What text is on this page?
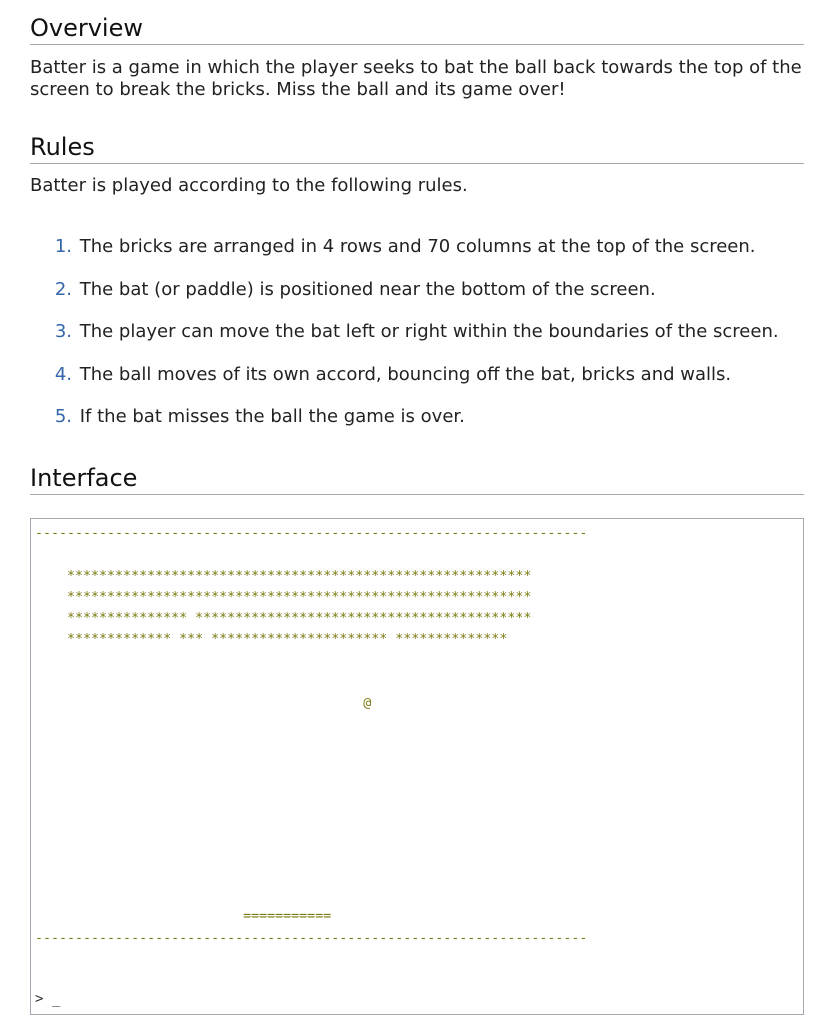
Overview

Batter is a game in which the player seeks to bat the ball back towards the top of the screen to break the bricks. Miss the ball and its game over!

Rules

Batter is played according to the following rules.

1. The bricks are arranged in 4 rows and 70 columns at the top of the screen.
2. The bat (or paddle) is positioned near the bottom of the screen.
3. The player can move the bat left or right within the boundaries of the screen.
4. The ball moves of its own accord, bouncing off the bat, bricks and walls.
5. If the bat misses the ball the game is over.
Interface
---------------------------------------------------------------------

**********************************************************
**********************************************************
*************** ******************************************
************* *** ********************** **************

@

===========
---------------------------------------------------------------------
> _
